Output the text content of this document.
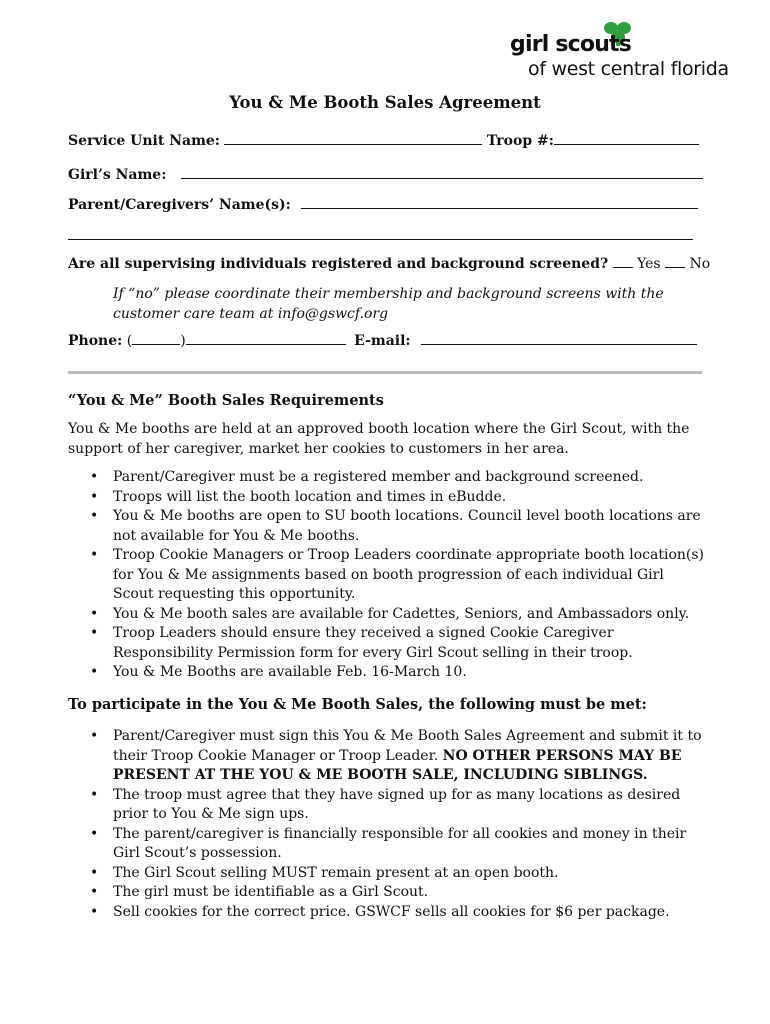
girl scouts
of west central florida
You & Me Booth Sales Agreement
Service Unit Name:	Troop #:
Girl’s Name:
Parent/Caregivers’ Name(s):
Are all supervising individuals registered and background screened? Yes No
If “no” please coordinate their membership and background screens with the customer care team at info@gswcf.org
Phone: (	)	E-mail:
“You & Me” Booth Sales Requirements
You & Me booths are held at an approved booth location where the Girl Scout, with the support of her caregiver, market her cookies to customers in her area.
• Parent/Caregiver must be a registered member and background screened.
• Troops will list the booth location and times in eBudde.
• You & Me booths are open to SU booth locations. Council level booth locations are not available for You & Me booths.
• Troop Cookie Managers or Troop Leaders coordinate appropriate booth location(s) for You & Me assignments based on booth progression of each individual Girl Scout requesting this opportunity.
• You & Me booth sales are available for Cadettes, Seniors, and Ambassadors only.
• Troop Leaders should ensure they received a signed Cookie Caregiver Responsibility Permission form for every Girl Scout selling in their troop.
• You & Me Booths are available Feb. 16-March 10.
To participate in the You & Me Booth Sales, the following must be met:
• Parent/Caregiver must sign this You & Me Booth Sales Agreement and submit it to their Troop Cookie Manager or Troop Leader. NO OTHER PERSONS MAY BE PRESENT AT THE YOU & ME BOOTH SALE, INCLUDING SIBLINGS.
• The troop must agree that they have signed up for as many locations as desired prior to You & Me sign ups.
• The parent/caregiver is financially responsible for all cookies and money in their Girl Scout’s possession.
• The Girl Scout selling MUST remain present at an open booth.
• The girl must be identifiable as a Girl Scout.
• Sell cookies for the correct price. GSWCF sells all cookies for $6 per package.
